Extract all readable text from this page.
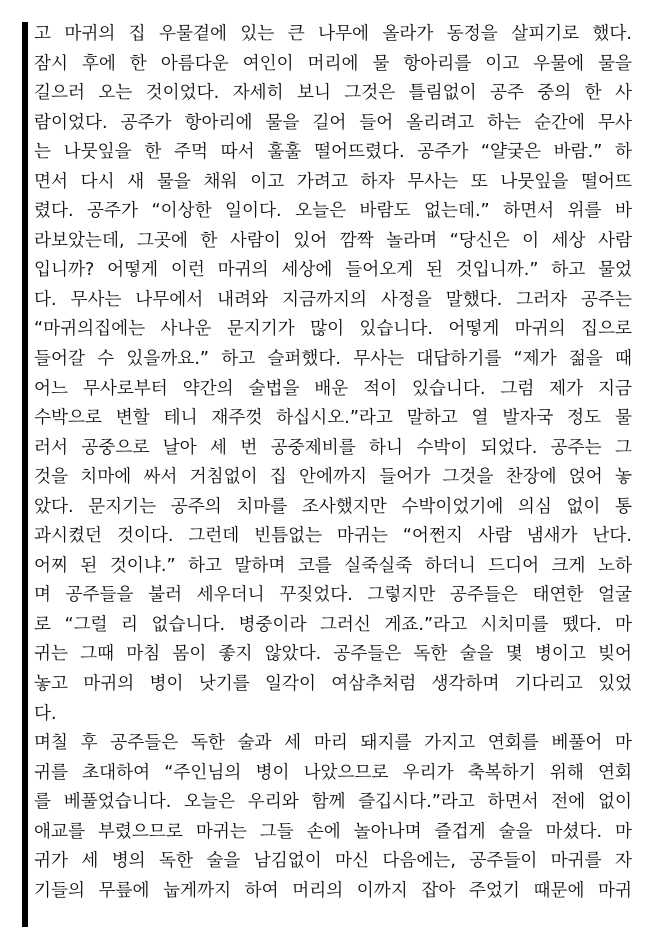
고 마귀의 집 우물곁에 있는 큰 나무에 올라가 동정을 살피기로 했다.
잠시 후에 한 아름다운 여인이 머리에 물 항아리를 이고 우물에 물을
길으러 오는 것이었다. 자세히 보니 그것은 틀림없이 공주 중의 한 사
람이었다. 공주가 항아리에 물을 길어 들어 올리려고 하는 순간에 무사
는 나뭇잎을 한 주먹 따서 훌훌 떨어뜨렸다. 공주가 “얄궂은 바람.” 하
면서 다시 새 물을 채워 이고 가려고 하자 무사는 또 나뭇잎을 떨어뜨
렸다. 공주가 “이상한 일이다. 오늘은 바람도 없는데.” 하면서 위를 바
라보았는데, 그곳에 한 사람이 있어 깜짝 놀라며 “당신은 이 세상 사람
입니까? 어떻게 이런 마귀의 세상에 들어오게 된 것입니까.” 하고 물었
다. 무사는 나무에서 내려와 지금까지의 사정을 말했다. 그러자 공주는
“마귀의집에는 사나운 문지기가 많이 있습니다. 어떻게 마귀의 집으로
들어갈 수 있을까요.” 하고 슬퍼했다. 무사는 대답하기를 “제가 젊을 때
어느 무사로부터 약간의 술법을 배운 적이 있습니다. 그럼 제가 지금
수박으로 변할 테니 재주껏 하십시오.”라고 말하고 열 발자국 정도 물
러서 공중으로 날아 세 번 공중제비를 하니 수박이 되었다. 공주는 그
것을 치마에 싸서 거침없이 집 안에까지 들어가 그것을 찬장에 얹어 놓
았다. 문지기는 공주의 치마를 조사했지만 수박이었기에 의심 없이 통
과시켰던 것이다. 그런데 빈틈없는 마귀는 “어쩐지 사람 냄새가 난다.
어찌 된 것이냐.” 하고 말하며 코를 실죽실죽 하더니 드디어 크게 노하
며 공주들을 불러 세우더니 꾸짖었다. 그렇지만 공주들은 태연한 얼굴
로 “그럴 리 없습니다. 병중이라 그러신 게죠.”라고 시치미를 뗐다. 마
귀는 그때 마침 몸이 좋지 않았다. 공주들은 독한 술을 몇 병이고 빚어
놓고 마귀의 병이 낫기를 일각이 여삼추처럼 생각하며 기다리고 있었
다.
며칠 후 공주들은 독한 술과 세 마리 돼지를 가지고 연회를 베풀어 마
귀를 초대하여 “주인님의 병이 나았으므로 우리가 축복하기 위해 연회
를 베풀었습니다. 오늘은 우리와 함께 즐깁시다.”라고 하면서 전에 없이
애교를 부렸으므로 마귀는 그들 손에 놀아나며 즐겁게 술을 마셨다. 마
귀가 세 병의 독한 술을 남김없이 마신 다음에는, 공주들이 마귀를 자
기들의 무릎에 눕게까지 하여 머리의 이까지 잡아 주었기 때문에 마귀
